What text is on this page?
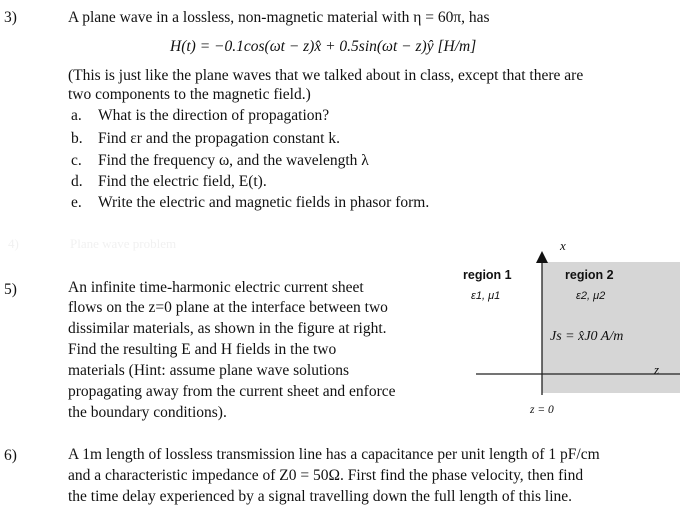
3)	A plane wave in a lossless, non-magnetic material with η = 60π, has
H(t) = −0.1cos(ωt − z)x̂ + 0.5sin(ωt − z)ŷ [H/m]
(This is just like the plane waves that we talked about in class, except that there are
two components to the magnetic field.)
a. What is the direction of propagation?
b. Find εr and the propagation constant k.
c. Find the frequency ω, and the wavelength λ
d. Find the electric field, E(t).
e. Write the electric and magnetic fields in phasor form.
4)	Plane wave problem
5)	An infinite time-harmonic electric current sheet
flows on the z=0 plane at the interface between two
dissimilar materials, as shown in the figure at right.
Find the resulting E and H fields in the two
materials (Hint: assume plane wave solutions
propagating away from the current sheet and enforce
the boundary conditions).
region 1
ε1, μ1
region 2
ε2, μ2
x
z
Js = x̂J0 A/m
z = 0
6)	A 1m length of lossless transmission line has a capacitance per unit length of 1 pF/cm
and a characteristic impedance of Z0 = 50Ω. First find the phase velocity, then find
the time delay experienced by a signal travelling down the full length of this line.
